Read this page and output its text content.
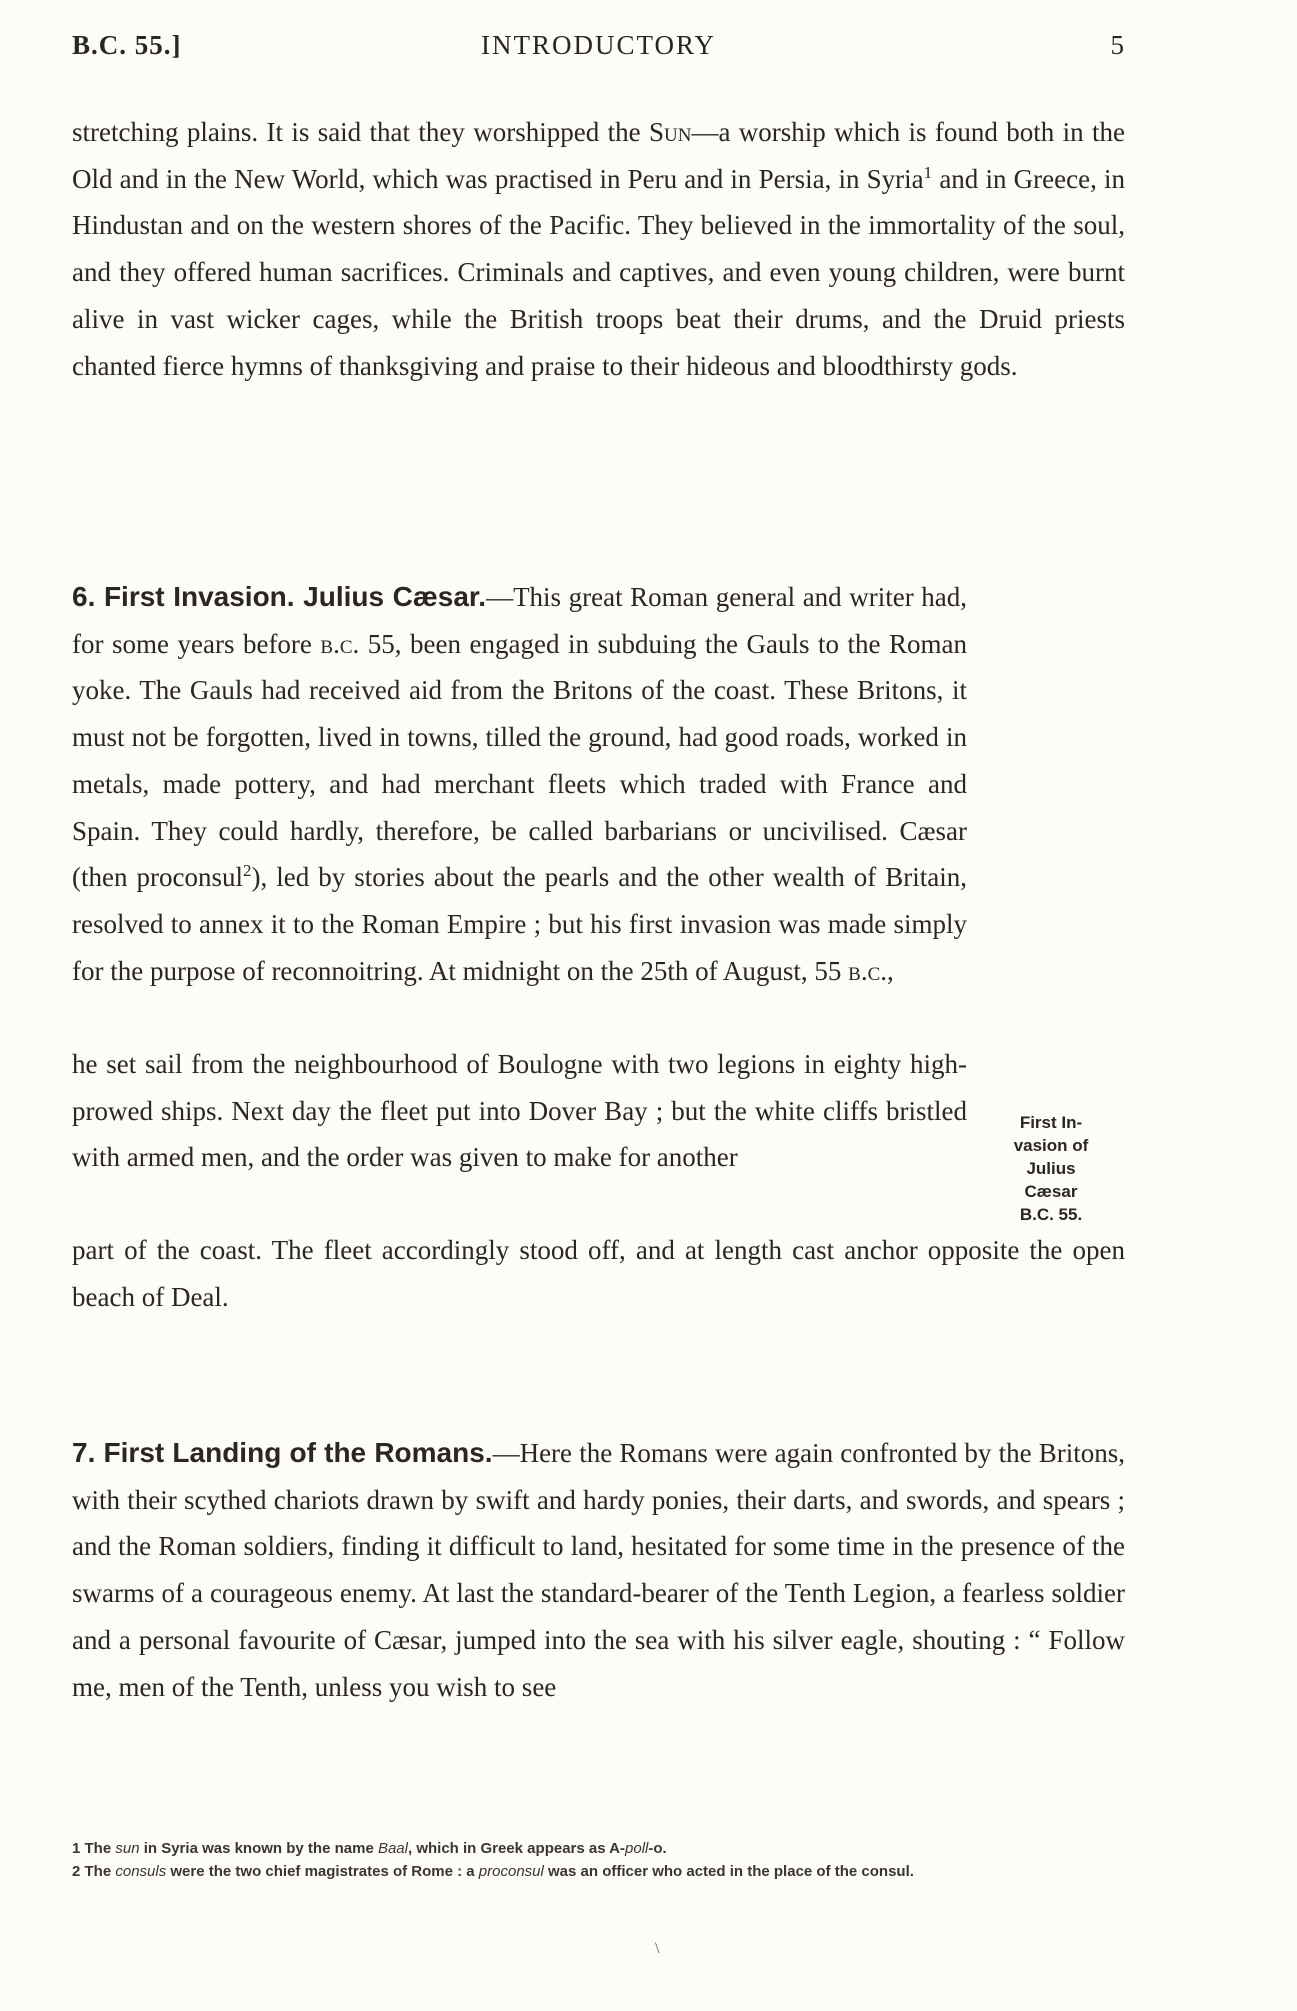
B.C. 55.]	INTRODUCTORY	5
stretching plains. It is said that they worshipped the Sun—a worship which is found both in the Old and in the New World, which was practised in Peru and in Persia, in Syria$^1$ and in Greece, in Hindustan and on the western shores of the Pacific. They believed in the immortality of the soul, and they offered human sacrifices. Criminals and captives, and even young children, were burnt alive in vast wicker cages, while the British troops beat their drums, and the Druid priests chanted fierce hymns of thanksgiving and praise to their hideous and bloodthirsty gods.
6. First Invasion. Julius Cæsar.—This great Roman general and writer had, for some years before b.c. 55, been engaged in subduing the Gauls to the Roman yoke. The Gauls had received aid from the Britons of the coast. These Britons, it must not be forgotten, lived in towns, tilled the ground, had good roads, worked in metals, made pottery, and had merchant fleets which traded with France and Spain. They could hardly, therefore, be called barbarians or uncivilised. Cæsar (then proconsul$^2$), led by stories about the pearls and the other wealth of Britain, resolved to annex it to the Roman Empire ; but his first invasion was made simply for the purpose of reconnoitring. At midnight on the 25th of August, 55 b.c.,
he set sail from the neighbourhood of Boulogne with two legions in eighty high-prowed ships. Next day the fleet put into Dover Bay ; but the white cliffs bristled with armed men, and the order was given to make for another
part of the coast. The fleet accordingly stood off, and at length cast anchor opposite the open beach of Deal.
First In-
vasion of
Julius
Cæsar
B.C. 55.
7. First Landing of the Romans.—Here the Romans were again confronted by the Britons, with their scythed chariots drawn by swift and hardy ponies, their darts, and swords, and spears ; and the Roman soldiers, finding it difficult to land, hesitated for some time in the presence of the swarms of a courageous enemy. At last the standard-bearer of the Tenth Legion, a fearless soldier and a personal favourite of Cæsar, jumped into the sea with his silver eagle, shouting : “ Follow me, men of the Tenth, unless you wish to see
1 The sun in Syria was known by the name Baal, which in Greek appears as A-poll-o.
2 The consuls were the two chief magistrates of Rome : a proconsul was an officer who acted in the place of the consul.
\
